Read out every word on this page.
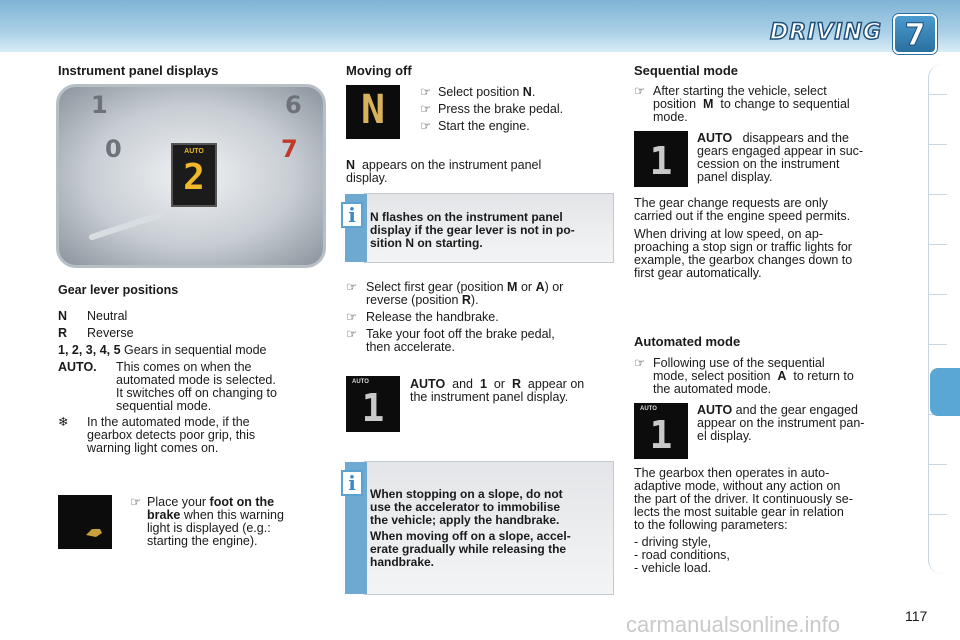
DRIVING 7
Instrument panel displays
1	6
0	7
AUTO
2
Gear lever positions
N Neutral
R Reverse
1, 2, 3, 4, 5 Gears in sequential mode
AUTO. This comes on when the
automated mode is selected.
It switches off on changing to
sequential mode.
❄ In the automated mode, if the
gearbox detects poor grip, this
warning light comes on.
☞ Place your foot on the
brake when this warning
light is displayed (e.g.:
starting the engine).
Moving off
N	☞ Select position N.
☞ Press the brake pedal.
☞ Start the engine.
N appears on the instrument panel
display.
i	N flashes on the instrument panel
display if the gear lever is not in po-
sition N on starting.
☞ Select first gear (position M or A) or
reverse (position R).
☞ Release the handbrake.
☞ Take your foot off the brake pedal,
then accelerate.
AUTO
1
AUTO and 1 or R appear on
the instrument panel display.
i	When stopping on a slope, do not
use the accelerator to immobilise
the vehicle; apply the handbrake.
When moving off on a slope, accel-
erate gradually while releasing the
handbrake.
Sequential mode
☞ After starting the vehicle, select
position M to change to sequential
mode.
1
AUTO disappears and the
gears engaged appear in suc-
cession on the instrument
panel display.
The gear change requests are only
carried out if the engine speed permits.
When driving at low speed, on ap-
proaching a stop sign or traffic lights for
example, the gearbox changes down to
first gear automatically.
Automated mode
☞ Following use of the sequential
mode, select position A to return to
the automated mode.
AUTO
1
AUTO and the gear engaged
appear on the instrument pan-
el display.
The gearbox then operates in auto-
adaptive mode, without any action on
the part of the driver. It continuously se-
lects the most suitable gear in relation
to the following parameters:
- driving style,
- road conditions,
- vehicle load.
carmanualsonline.info	117
